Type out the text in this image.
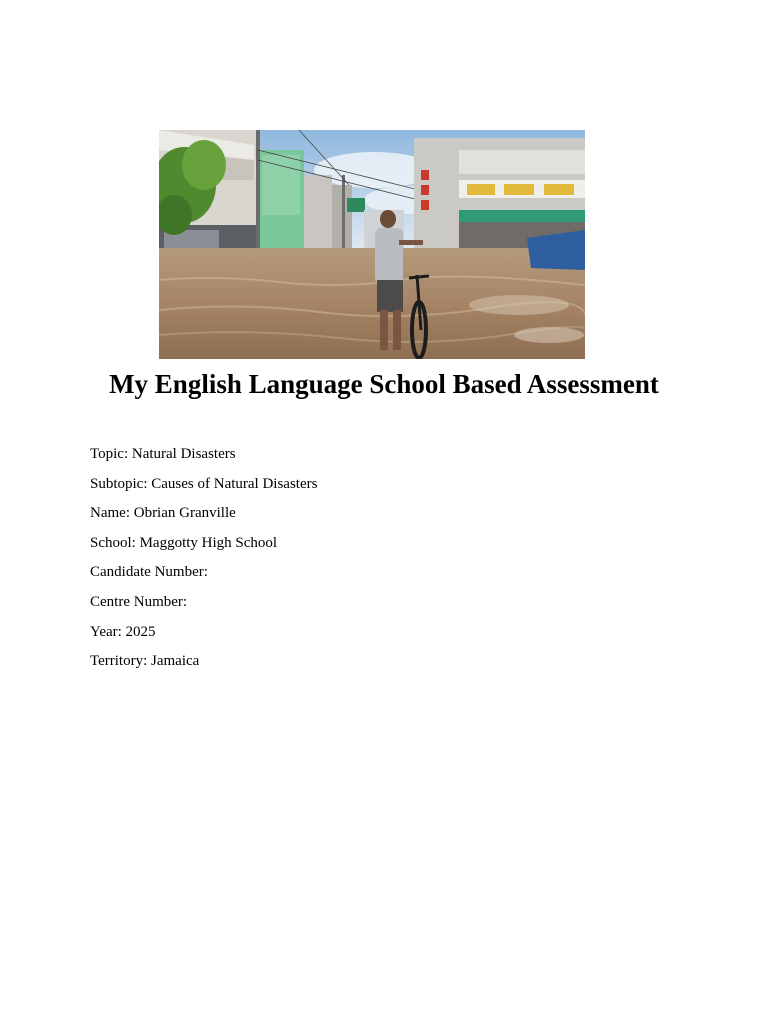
My English Language School Based Assessment
Topic: Natural Disasters
Subtopic: Causes of Natural Disasters
Name: Obrian Granville
School: Maggotty High School
Candidate Number:
Centre Number:
Year: 2025
Territory: Jamaica
